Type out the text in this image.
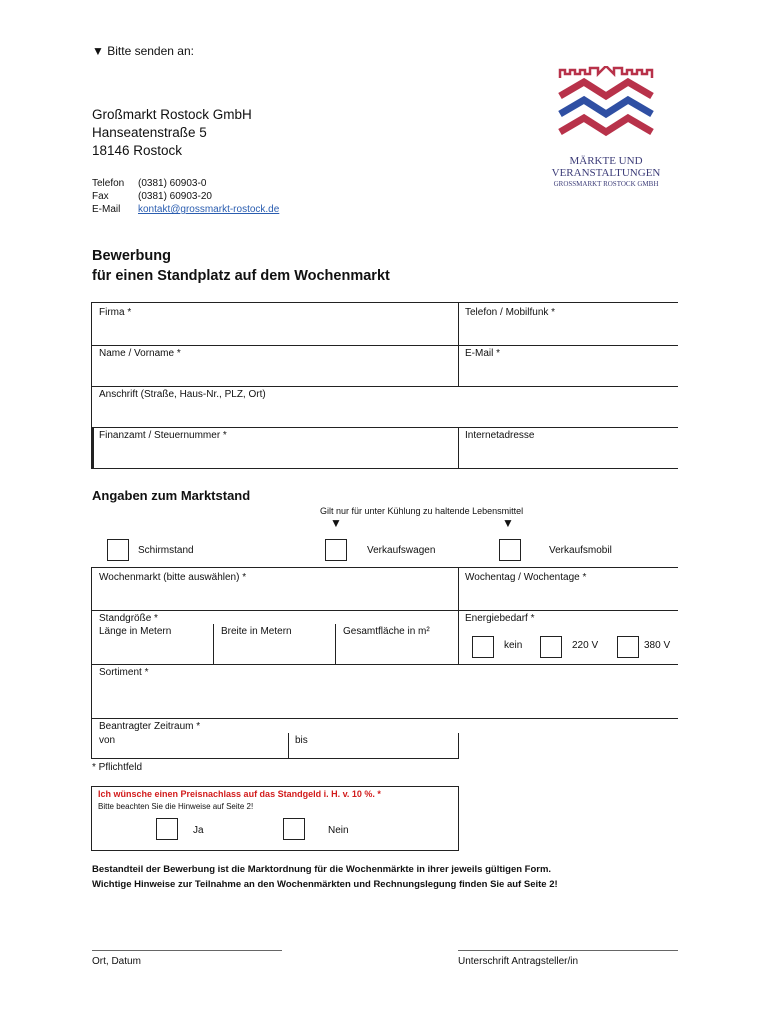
▼ Bitte senden an:
Großmarkt Rostock GmbH
Hanseatenstraße 5
18146 Rostock
Telefon (0381) 60903-0
Fax	(0381) 60903-20
E-Mail kontakt@grossmarkt-rostock.de
MÄRKTE UND
VERANSTALTUNGEN
GROSSMARKT ROSTOCK GMBH
Bewerbung
für einen Standplatz auf dem Wochenmarkt
Firma *	Telefon / Mobilfunk *
Name / Vorname *	E-Mail *
Anschrift (Straße, Haus-Nr., PLZ, Ort)
Finanzamt / Steuernummer *	Internetadresse
Angaben zum Marktstand
Gilt nur für unter Kühlung zu haltende Lebensmittel
▼	▼
Schirmstand	Verkaufswagen	Verkaufsmobil
Wochenmarkt (bitte auswählen) *	Wochentag / Wochentage *
Standgröße *
Länge in Metern	Breite in Metern	Gesamtfläche in m²
Energiebedarf *
kein	220 V	380 V
Sortiment *
Beantragter Zeitraum *
von	bis
* Pflichtfeld
Ich wünsche einen Preisnachlass auf das Standgeld i. H. v. 10 %. *
Bitte beachten Sie die Hinweise auf Seite 2!
Ja	Nein
Bestandteil der Bewerbung ist die Marktordnung für die Wochenmärkte in ihrer jeweils gültigen Form.
Wichtige Hinweise zur Teilnahme an den Wochenmärkten und Rechnungslegung finden Sie auf Seite 2!
Ort, Datum	Unterschrift Antragsteller/in
